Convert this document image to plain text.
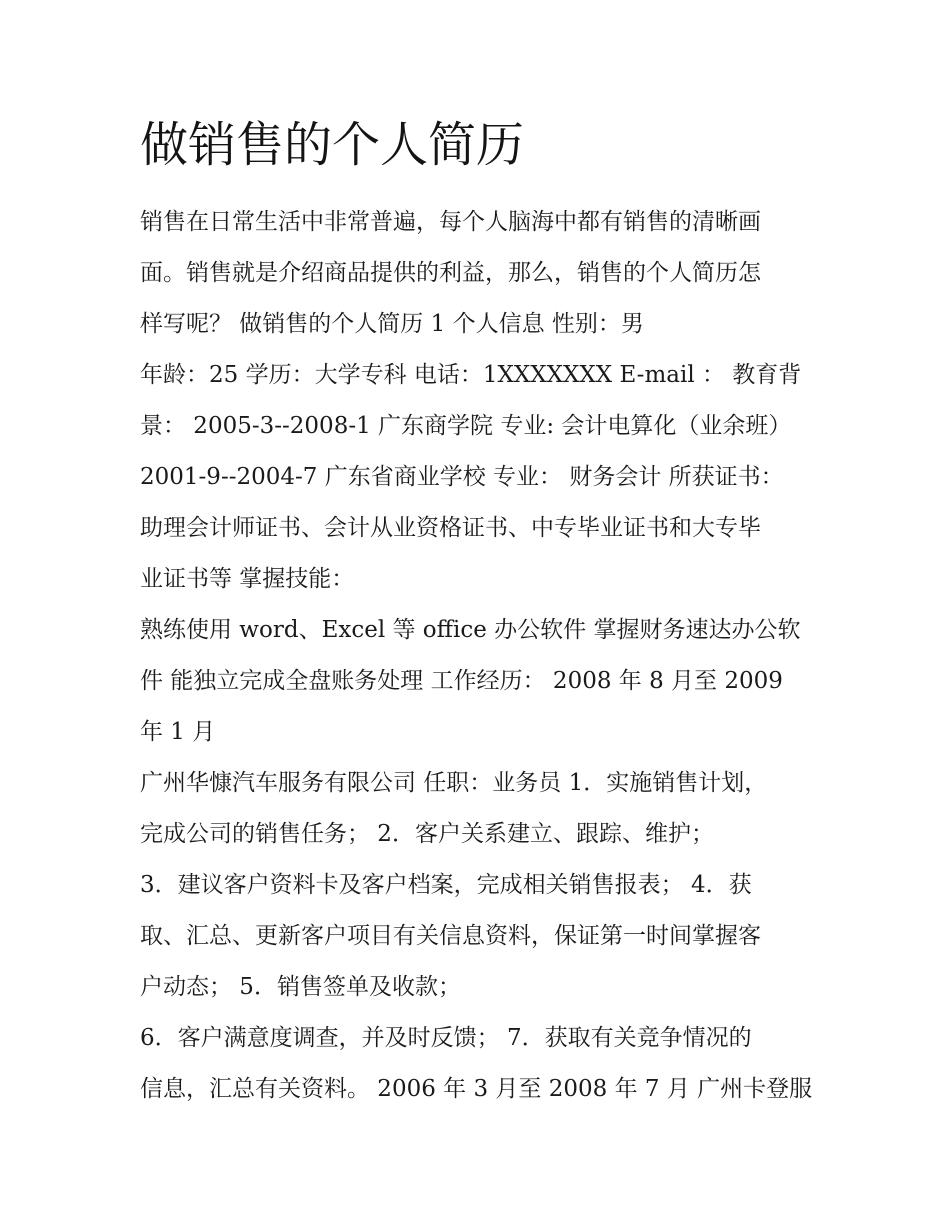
做销售的个人简历
销售在日常生活中非常普遍，每个人脑海中都有销售的清晰画
面。销售就是介绍商品提供的利益，那么，销售的个人简历怎
样写呢？ 做销售的个人简历 1 个人信息 性别：男
年龄：25 学历：大学专科 电话：1XXXXXXX E-mail ： 教育背
景： 2005-3--2008-1 广东商学院 专业: 会计电算化（业余班）
2001-9--2004-7 广东省商业学校 专业： 财务会计 所获证书：
助理会计师证书、会计从业资格证书、中专毕业证书和大专毕
业证书等 掌握技能：
熟练使用 word、Excel 等 office 办公软件 掌握财务速达办公软
件 能独立完成全盘账务处理 工作经历： 2008 年 8 月至 2009
年 1 月
广州华慷汽车服务有限公司 任职：业务员 1．实施销售计划，
完成公司的销售任务； 2．客户关系建立、跟踪、维护；
3．建议客户资料卡及客户档案，完成相关销售报表； 4．获
取、汇总、更新客户项目有关信息资料，保证第一时间掌握客
户动态； 5．销售签单及收款；
6．客户满意度调查，并及时反馈； 7．获取有关竞争情况的
信息，汇总有关资料。 2006 年 3 月至 2008 年 7 月 广州卡登服
